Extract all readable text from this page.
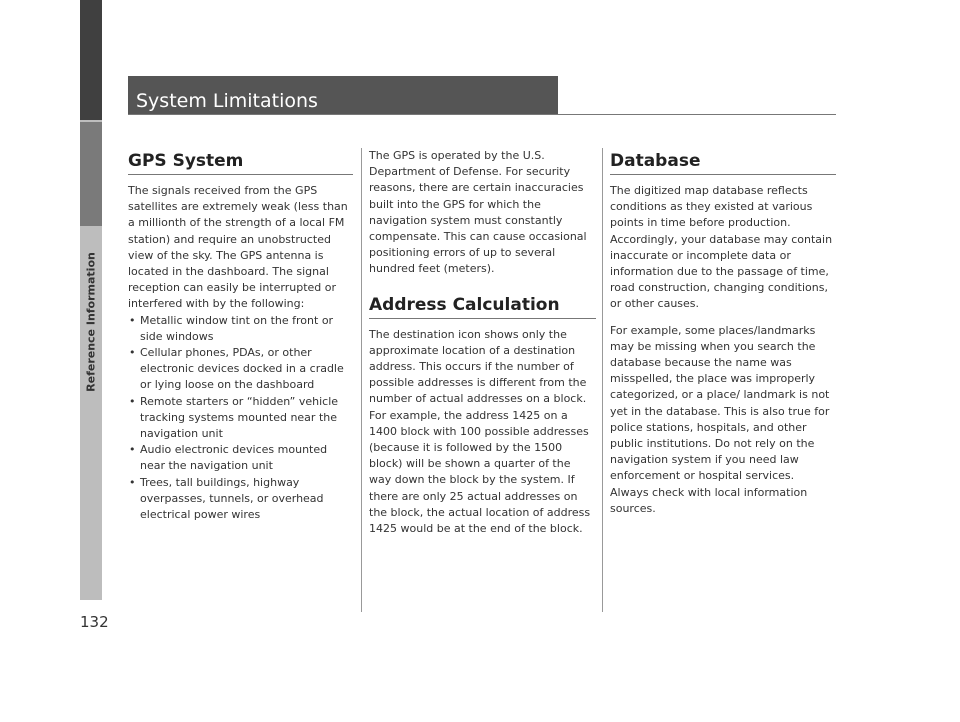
Reference Information
132
System Limitations
GPS System

The signals received from the GPS satellites are extremely weak (less than a millionth of the strength of a local FM station) and require an unobstructed view of the sky. The GPS antenna is located in the dashboard. The signal reception can easily be interrupted or interfered with by the following:

• Metallic window tint on the front or side windows
• Cellular phones, PDAs, or other electronic devices docked in a cradle or lying loose on the dashboard
• Remote starters or “hidden” vehicle tracking systems mounted near the navigation unit
• Audio electronic devices mounted near the navigation unit
• Trees, tall buildings, highway overpasses, tunnels, or overhead electrical power wires

The GPS is operated by the U.S. Department of Defense. For security reasons, there are certain inaccuracies built into the GPS for which the navigation system must constantly compensate. This can cause occasional positioning errors of up to several hundred feet (meters).

Address Calculation

The destination icon shows only the approximate location of a destination address. This occurs if the number of possible addresses is different from the number of actual addresses on a block. For example, the address 1425 on a 1400 block with 100 possible addresses (because it is followed by the 1500 block) will be shown a quarter of the way down the block by the system. If there are only 25 actual addresses on the block, the actual location of address 1425 would be at the end of the block.

Database

The digitized map database reflects conditions as they existed at various points in time before production. Accordingly, your database may contain inaccurate or incomplete data or information due to the passage of time, road construction, changing conditions, or other causes.

For example, some places/landmarks may be missing when you search the database because the name was misspelled, the place was improperly categorized, or a place/ landmark is not yet in the database. This is also true for police stations, hospitals, and other public institutions. Do not rely on the navigation system if you need law enforcement or hospital services. Always check with local information sources.
